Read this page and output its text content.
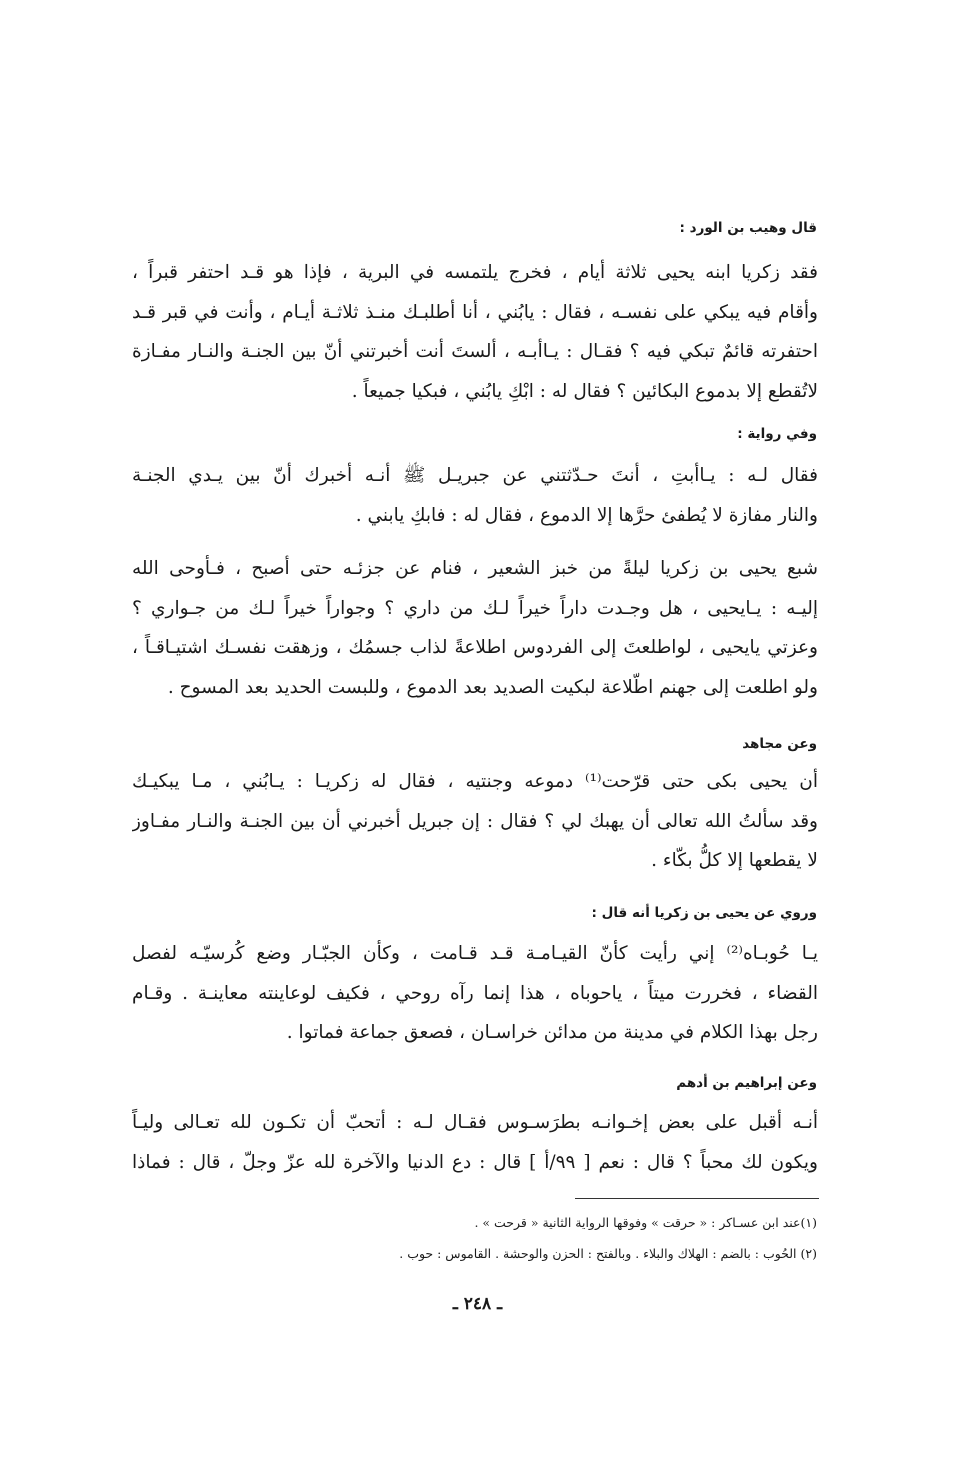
قال وهيب بن الورد :
فقد زكريا ابنه يحيى ثلاثة أيام ، فخرج يلتمسه في البرية ، فإذا هو قـد احتفر قبراً ،
وأقام فيه يبكي على نفسـه ، فقال : يابُني ، أنا أطلبـك منـذ ثلاثـة أيـام ، وأنت في قبر قـد
احتفرته قائمٌ تبكي فيه ؟ فقـال : يـاأبـه ، ألستَ أنت أخبرتني أنّ بين الجنـة والنـار مفـازة
لاتُقطع إلا بدموع البكائين ؟ فقال له : ابْكِ يابُني ، فبكيا جميعاً .
وفي رواية :
فقال لـه : يـاأبتِ ، أنتَ حـدّثتني عن جبريـل ﷺ أنـه أخبرك أنّ بين يـدي الجنـة
والنار مفازة لا يُطفئ حرَّها إلا الدموع ، فقال له : فابكِ يابني .
شبع يحيى بن زكريا ليلةً من خبز الشعير ، فنام عن جزئـه حتى أصبح ، فـأوحى الله
إليـه : يـايحيى ، هل وجـدت داراً خيراً لـك من داري ؟ وجواراً خيراً لـك من جـواري ؟
وعزتي يايحيى ، لواطلعتَ إلى الفردوس اطلاعةً لذاب جسمُك ، وزهقت نفسـك اشتيـاقـاً ،
ولو اطلعت إلى جهنم اطّلاعة لبكيت الصديد بعد الدموع ، وللبست الحديد بعد المسوح .
وعن مجاهد
أن يحيى بكى حتى قرّحت⁽¹⁾ دموعه وجنتيه ، فقال له زكريـا : يـابُني ، مـا يبكيـك
وقد سألتُ الله تعالى أن يهبك لي ؟ فقال : إن جبريل أخبرني أن بين الجنـة والنـار مفـاوز
لا يقطعها إلا كلُّ بكّاء .
وروي عن يحيى بن زكريا أنه قال :
يـا حُوبـاه⁽²⁾ إني رأيت كأنّ القيـامـة قـد قـامت ، وكأن الجبّـار وضع كُرسيّـه لفصل
القضاء ، فخررت ميتاً ، ياحوباه ، هذا إنما رآه روحي ، فكيف لوعاينته معاينـة . وقـام
رجل بهذا الكلام في مدينة من مدائن خراسـان ، فصعق جماعة فماتوا .
وعن إبراهيم بن أدهم
أنـه أقبل على بعض إخـوانـه بطرَسـوس فقـال لـه : أتحبّ أن تكـون لله تعـالى وليـاً
ويكون لك محباً ؟ قال : نعم [ ٩٩/أ ] قال : دع الدنيا والآخرة لله عزّ وجلّ ، قال : فماذا
(١)عند ابن عسـاكر : « حرقت » وفوقها الرواية الثانية « قرحت » .
(٢) الحُوب : بالضم : الهلاك والبلاء . وبالفتح : الحزن والوحشة . القاموس : حوب .
ـ ٢٤٨ ـ
